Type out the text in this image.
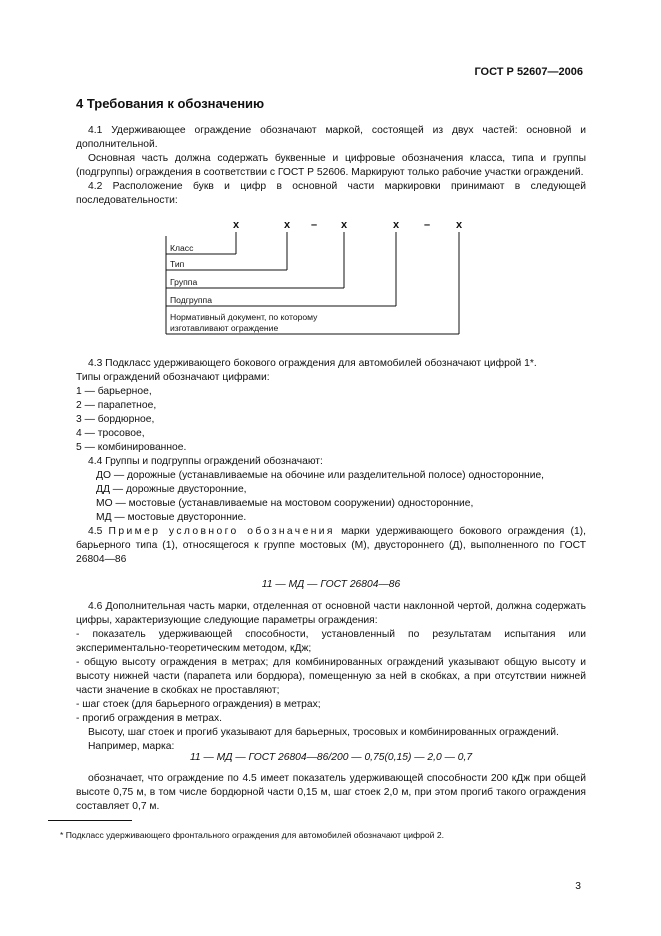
ГОСТ Р 52607—2006
4 Требования к обозначению

4.1 Удерживающее ограждение обозначают маркой, состоящей из двух частей: основной и дополнительной.

Основная часть должна содержать буквенные и цифровые обозначения класса, типа и группы (подгруппы) ограждения в соответствии с ГОСТ Р 52606. Маркируют только рабочие участки ограждений.

4.2 Расположение букв и цифр в основной части маркировки принимают в следующей последовательности:

x	x – x	x – x
Класс
Тип
Группа
Подгруппа
Нормативный документ, по которому
изготавливают ограждение

4.3 Подкласс удерживающего бокового ограждения для автомобилей обозначают цифрой 1*.

Типы ограждений обозначают цифрами:

1 — барьерное,

2 — парапетное,

3 — бордюрное,

4 — тросовое,

5 — комбинированное.

4.4 Группы и подгруппы ограждений обозначают:

ДО — дорожные (устанавливаемые на обочине или разделительной полосе) односторонние,

ДД — дорожные двусторонние,

МО — мостовые (устанавливаемые на мостовом сооружении) односторонние,

МД — мостовые двусторонние.

4.5 Пример условного обозначения марки удерживающего бокового ограждения (1), барьерного типа (1), относящегося к группе мостовых (М), двустороннего (Д), выполненного по ГОСТ 26804—86

11 — МД — ГОСТ 26804—86

4.6 Дополнительная часть марки, отделенная от основной части наклонной чертой, должна содержать цифры, характеризующие следующие параметры ограждения:

- показатель удерживающей способности, установленный по результатам испытания или экспериментально-теоретическим методом, кДж;

- общую высоту ограждения в метрах; для комбинированных ограждений указывают общую высоту и высоту нижней части (парапета или бордюра), помещенную за ней в скобках, а при отсутствии нижней части значение в скобках не проставляют;

- шаг стоек (для барьерного ограждения) в метрах;

- прогиб ограждения в метрах.

Высоту, шаг стоек и прогиб указывают для барьерных, тросовых и комбинированных ограждений.

Например, марка:

11 — МД — ГОСТ 26804—86/200 — 0,75(0,15) — 2,0 — 0,7

обозначает, что ограждение по 4.5 имеет показатель удерживающей способности 200 кДж при общей высоте 0,75 м, в том числе бордюрной части 0,15 м, шаг стоек 2,0 м, при этом прогиб такого ограждения составляет 0,7 м.

* Подкласс удерживающего фронтального ограждения для автомобилей обозначают цифрой 2.
3
